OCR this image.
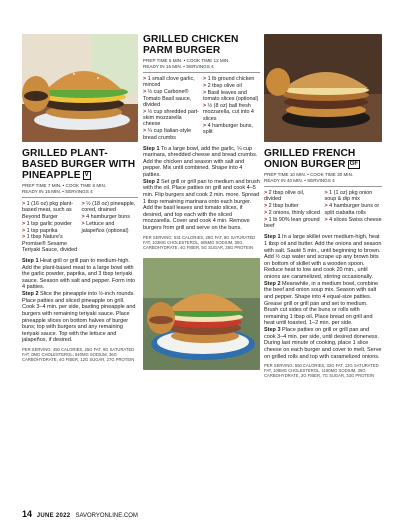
GRILLED PLANT-BASED BURGER WITH PINEAPPLE V
PREP TIME 7 MIN. • COOK TIME 8 MIN.
READY IN 15 MIN. • SERVINGS 4
> 1 (16 oz) pkg plant-based meat, such as Beyond Burger
> 1 tsp garlic powder
> 1 tsp paprika
> 1 tbsp Nature's Promise® Sesame Teriyaki Sauce, divided
> ½ (18 oz) pineapple, cored, drained
> 4 hamburger buns
> Lettuce and jalapeños (optional)

Step 1 Heat grill or grill pan to medium-high. Add the plant-based meat to a large bowl with the garlic powder, paprika, and 3 tbsp teriyaki sauce. Season with salt and pepper. Form into 4 patties.

Step 2 Slice the pineapple into ½-inch rounds. Place patties and sliced pineapple on grill. Cook 3–4 min. per side, basting pineapple and burgers with remaining teriyaki sauce. Place pineapple slices on bottom halves of burger buns; top with burgers and any remaining teriyaki sauce. Top with the lettuce and jalapeños, if desired.

PER SERVING: 450 CALORIES, 25G FAT, 9G SATURATED FAT, 0MG CHOLESTEROL, 540MG SODIUM, 36G CARBOHYDRATE, 4G FIBER, 12G SUGAR, 27G PROTEIN
GRILLED CHICKEN PARM BURGER
PREP TIME 5 MIN. • COOK TIME 12 MIN.
READY IN 15 MIN. • SERVINGS 4
> 1 small clove garlic, minced
> ½ cup Carbone® Tomato Basil sauce, divided
> ½ cup shredded part-skim mozzarella cheese
> ¼ cup Italian-style bread crumbs
> 1 lb ground chicken
> 2 tbsp olive oil
> Basil leaves and tomato slices (optional)
> ½ (8 oz) ball fresh mozzarella, cut into 4 slices
> 4 hamburger buns, split

Step 1 To a large bowl, add the garlic, ¼ cup marinara, shredded cheese and bread crumbs. Add the chicken and season with salt and pepper. Mix until combined. Shape into 4 patties.

Step 2 Set grill or grill pan to medium and brush with the oil. Place patties on grill and cook 4–5 min. Flip burgers and cook 2 min. more. Spread 1 tbsp remaining marinara onto each burger. Add the basil leaves and tomato slices, if desired, and top each with the sliced mozzarella. Cover and cook 4 min. Remove burgers from grill and serve on the buns.

PER SERVING: 531 CALORIES, 28G FAT, 8G SATURATED FAT, 103MG CHOLESTEROL, 605MG SODIUM, 30G CARBOHYDRATE, 4G FIBER, 5G SUGAR, 38G PROTEIN
GRILLED FRENCH ONION BURGER GF
PREP TIME 10 MIN. • COOK TIME 30 MIN.
READY IN 40 MIN. • SERVINGS 4
> 2 tbsp olive oil, divided
> 2 tbsp butter
> 2 onions, thinly sliced
> 1 lb 90% lean ground beef
> 1 (1 oz) pkg onion soup & dip mix
> 4 hamburger buns or split ciabatta rolls
> 4 slices Swiss cheese

Step 1 In a large skillet over medium-high, heat 1 tbsp oil and butter. Add the onions and season with salt. Sauté 5 min., until beginning to brown. Add ½ cup water and scrape up any brown bits on bottom of skillet with a wooden spoon. Reduce heat to low and cook 20 min., until onions are caramelized, stirring occasionally.

Step 2 Meanwhile, in a medium bowl, combine the beef and onion soup mix. Season with salt and pepper. Shape into 4 equal-size patties. Grease grill or grill pan and set to medium. Brush cut sides of the buns or rolls with remaining 1 tbsp oil. Place bread on grill and heat until toasted, 1–2 min. per side.

Step 3 Place patties on grill or grill pan and cook 3–4 min. per side, until desired doneness. During last minute of cooking, place 1 slice cheese on each burger and cover to melt. Serve on grilled rolls and top with caramelized onions.

PER SERVING: 550 CALORIES, 32G FAT, 13G SATURATED FAT, 108MG CHOLESTEROL, 1180MG SODIUM, 35G CARBOHYDRATE, 3G FIBER, 7G SUGAR, 33G PROTEIN
14 JUNE 2022 SAVORYONLINE.COM
